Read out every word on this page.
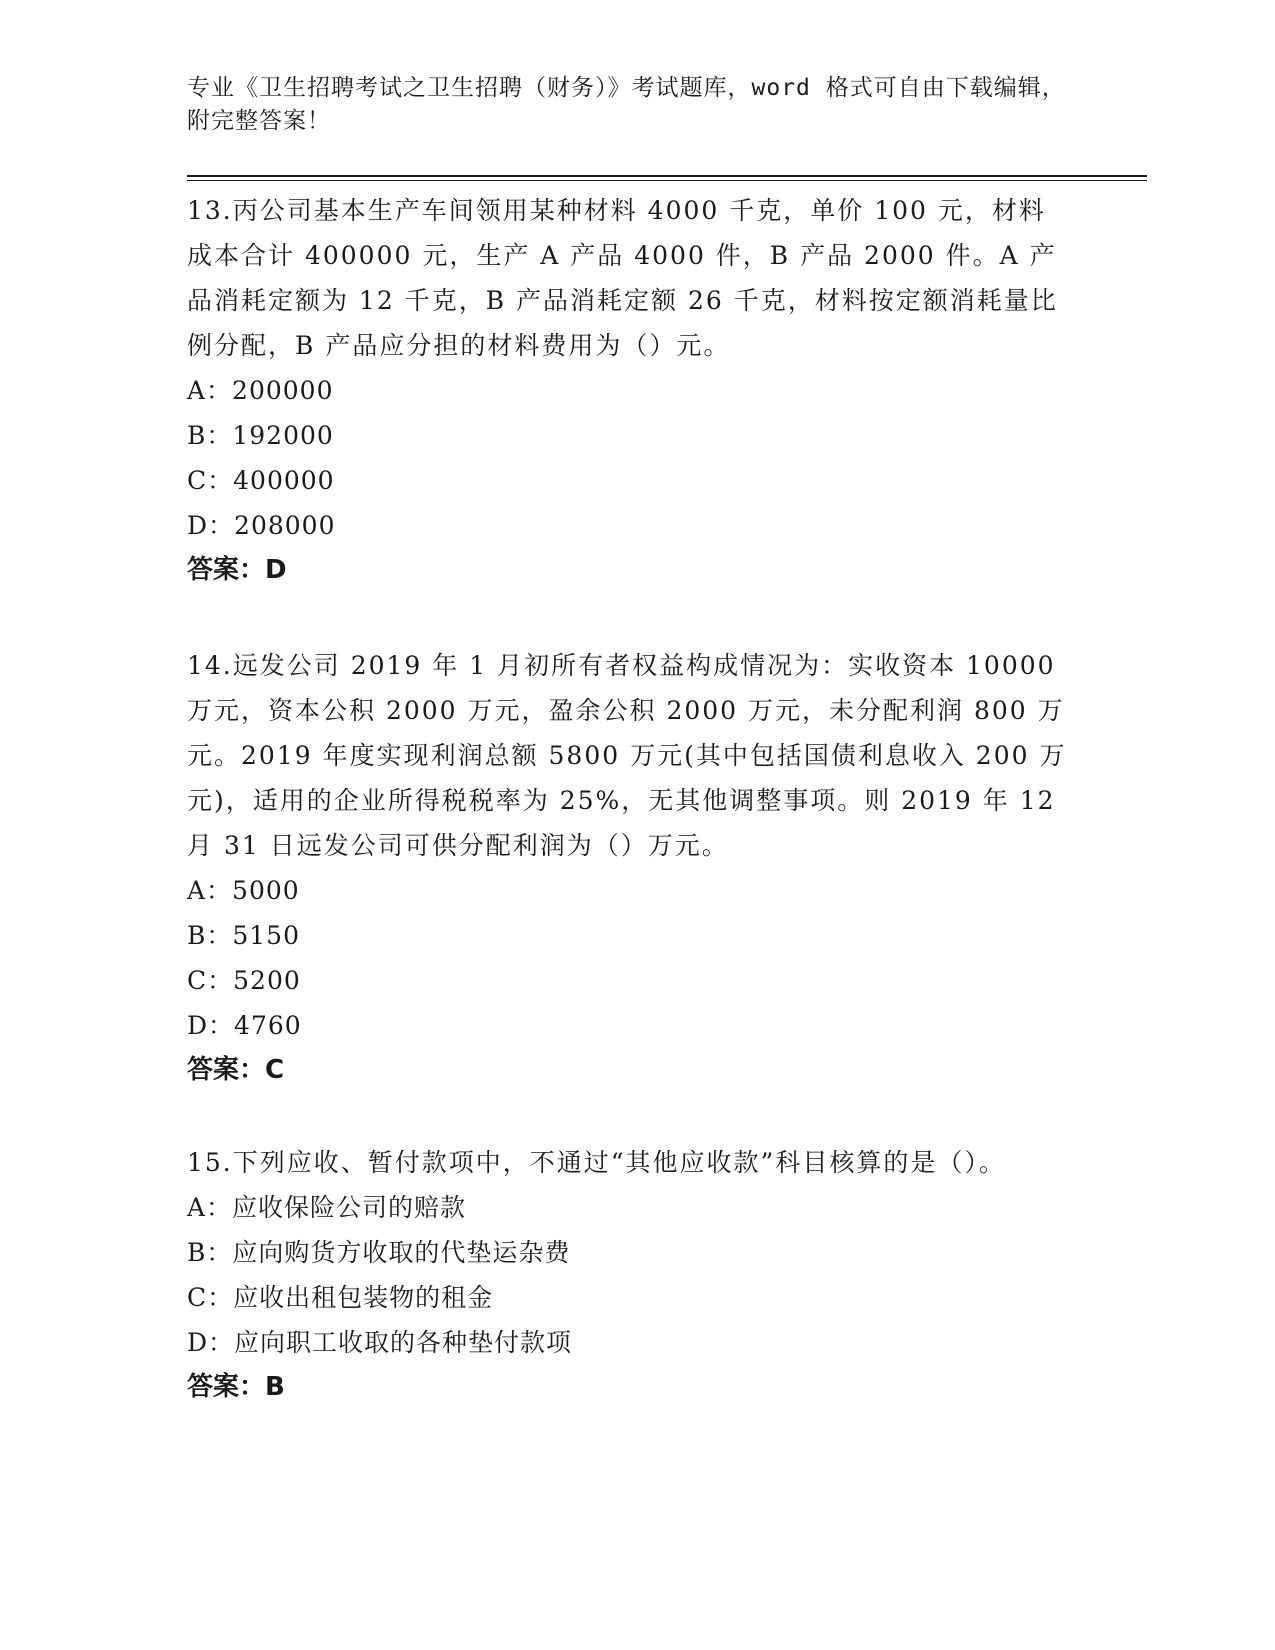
专业《卫生招聘考试之卫生招聘（财务）》考试题库，word 格式可自由下载编辑，附完整答案！

13.丙公司基本生产车间领用某种材料 4000 千克，单价 100 元，材料成本合计 400000 元，生产 A 产品 4000 件，B 产品 2000 件。A 产品消耗定额为 12 千克，B 产品消耗定额 26 千克，材料按定额消耗量比例分配，B 产品应分担的材料费用为（）元。

A：200000

B：192000

C：400000

D：208000

答案：D

14.远发公司 2019 年 1 月初所有者权益构成情况为：实收资本 10000 万元，资本公积 2000 万元，盈余公积 2000 万元，未分配利润 800 万元。2019 年度实现利润总额 5800 万元(其中包括国债利息收入 200 万元)，适用的企业所得税税率为 25%，无其他调整事项。则 2019 年 12 月 31 日远发公司可供分配利润为（）万元。

A：5000

B：5150

C：5200

D：4760

答案：C

15.下列应收、暂付款项中，不通过“其他应收款”科目核算的是（）。

A：应收保险公司的赔款

B：应向购货方收取的代垫运杂费

C：应收出租包装物的租金

D：应向职工收取的各种垫付款项

答案：B
